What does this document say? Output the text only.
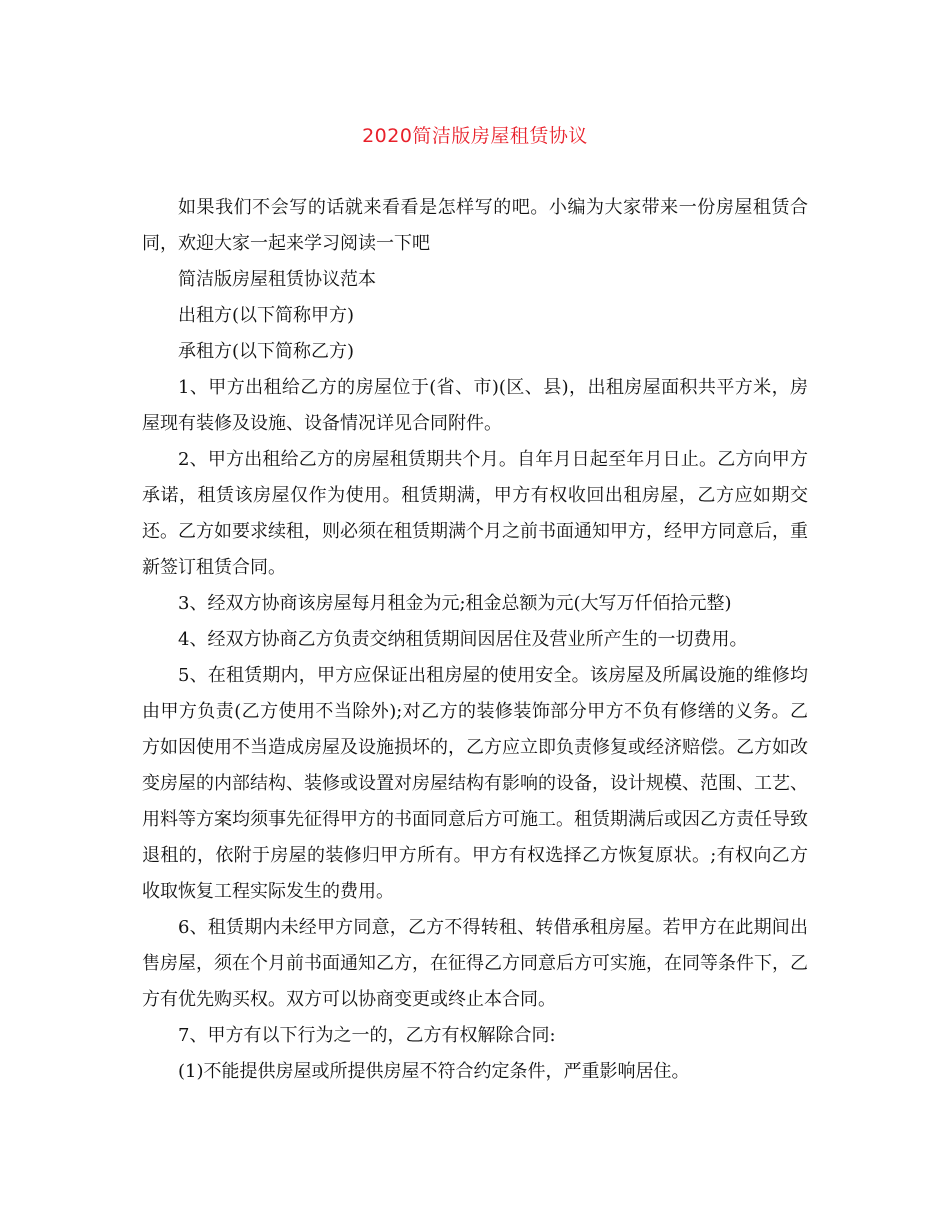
2020简洁版房屋租赁协议

如果我们不会写的话就来看看是怎样写的吧。小编为大家带来一份房屋租赁合同，欢迎大家一起来学习阅读一下吧

简洁版房屋租赁协议范本

出租方(以下简称甲方)

承租方(以下简称乙方)

1、甲方出租给乙方的房屋位于(省、市)(区、县)，出租房屋面积共平方米，房屋现有装修及设施、设备情况详见合同附件。

2、甲方出租给乙方的房屋租赁期共个月。自年月日起至年月日止。乙方向甲方承诺，租赁该房屋仅作为使用。租赁期满，甲方有权收回出租房屋，乙方应如期交还。乙方如要求续租，则必须在租赁期满个月之前书面通知甲方，经甲方同意后，重新签订租赁合同。

3、经双方协商该房屋每月租金为元;租金总额为元(大写万仟佰拾元整)

4、经双方协商乙方负责交纳租赁期间因居住及营业所产生的一切费用。

5、在租赁期内，甲方应保证出租房屋的使用安全。该房屋及所属设施的维修均由甲方负责(乙方使用不当除外);对乙方的装修装饰部分甲方不负有修缮的义务。乙方如因使用不当造成房屋及设施损坏的，乙方应立即负责修复或经济赔偿。乙方如改变房屋的内部结构、装修或设置对房屋结构有影响的设备，设计规模、范围、工艺、用料等方案均须事先征得甲方的书面同意后方可施工。租赁期满后或因乙方责任导致退租的，依附于房屋的装修归甲方所有。甲方有权选择乙方恢复原状。;有权向乙方收取恢复工程实际发生的费用。

6、租赁期内未经甲方同意，乙方不得转租、转借承租房屋。若甲方在此期间出售房屋，须在个月前书面通知乙方，在征得乙方同意后方可实施，在同等条件下，乙方有优先购买权。双方可以协商变更或终止本合同。

7、甲方有以下行为之一的，乙方有权解除合同:

(1)不能提供房屋或所提供房屋不符合约定条件，严重影响居住。
